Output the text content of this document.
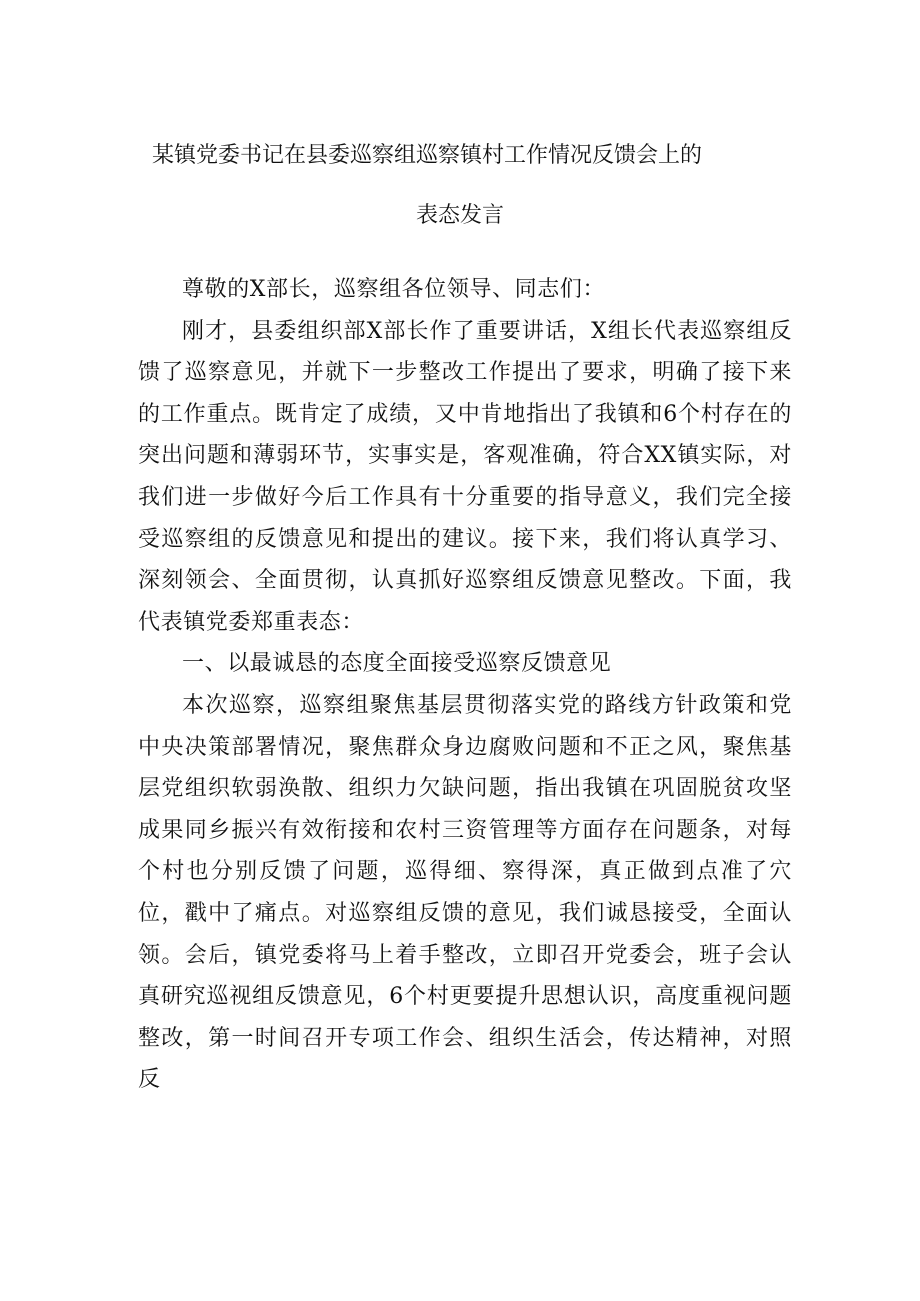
某镇党委书记在县委巡察组巡察镇村工作情况反馈会上的
表态发言

尊敬的X部长，巡察组各位领导、同志们：

刚才，县委组织部X部长作了重要讲话，X组长代表巡察组反馈了巡察意见，并就下一步整改工作提出了要求，明确了接下来的工作重点。既肯定了成绩，又中肯地指出了我镇和6个村存在的突出问题和薄弱环节，实事实是，客观准确，符合XX镇实际，对我们进一步做好今后工作具有十分重要的指导意义，我们完全接受巡察组的反馈意见和提出的建议。接下来，我们将认真学习、深刻领会、全面贯彻，认真抓好巡察组反馈意见整改。下面，我代表镇党委郑重表态：

一、以最诚恳的态度全面接受巡察反馈意见

本次巡察，巡察组聚焦基层贯彻落实党的路线方针政策和党中央决策部署情况，聚焦群众身边腐败问题和不正之风，聚焦基层党组织软弱涣散、组织力欠缺问题，指出我镇在巩固脱贫攻坚成果同乡振兴有效衔接和农村三资管理等方面存在问题条，对每个村也分别反馈了问题，巡得细、察得深，真正做到点准了穴位，戳中了痛点。对巡察组反馈的意见，我们诚恳接受，全面认领。会后，镇党委将马上着手整改，立即召开党委会，班子会认真研究巡视组反馈意见，6个村更要提升思想认识，高度重视问题整改，第一时间召开专项工作会、组织生活会，传达精神，对照反
